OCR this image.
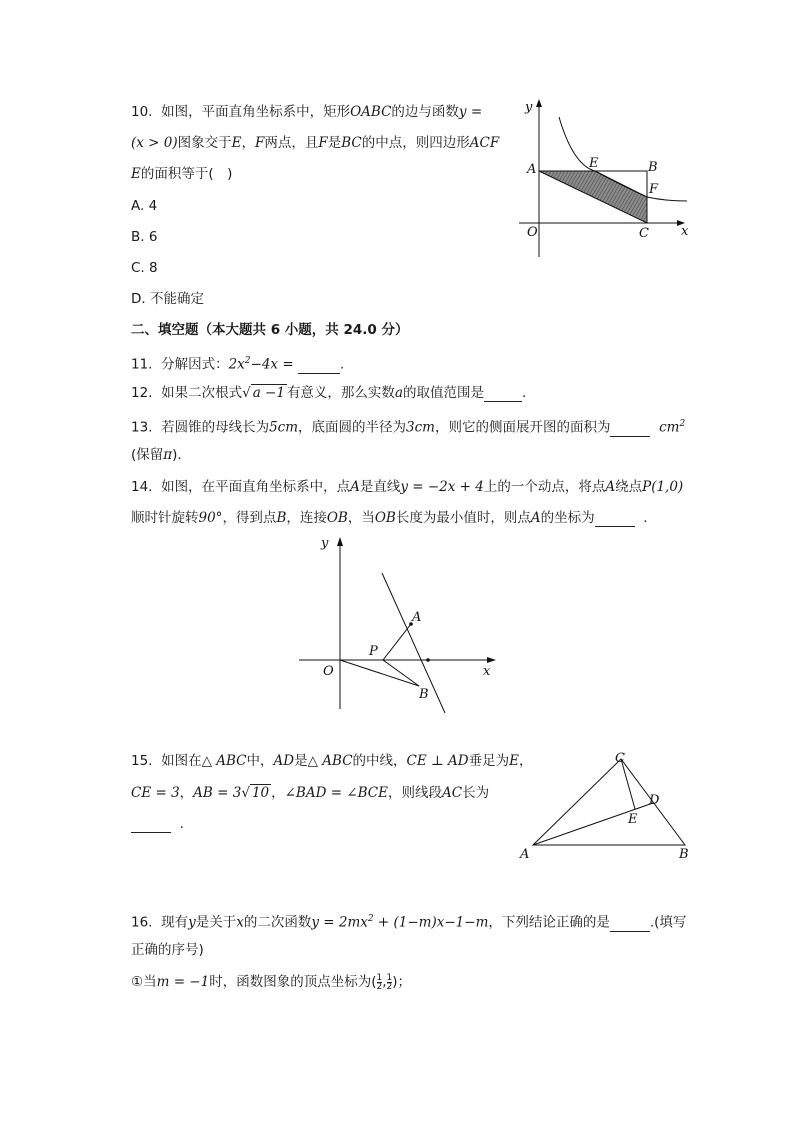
10. 如图，平面直角坐标系中，矩形OABC的边与函数y =
(x > 0)图象交于E，F两点，且F是BC的中点，则四边形ACF
E的面积等于(　)
A. 4
B. 6
C. 8
D. 不能确定
y
x
O
A	B
C
E
F
二、填空题（本大题共 6 小题，共 24.0 分）
11. 分解因式：$2x^2-4x$ =	.
12. 如果二次根式√ a −1 有意义，那么实数a的取值范围是	.
13. 若圆锥的母线长为5cm，底面圆的半径为3cm，则它的侧面展开图的面积为	$cm^2$
(保留π).
14. 如图，在平面直角坐标系中，点A是直线y = −2x + 4上的一个动点，将点A绕点P(1,0)
顺时针旋转90°，得到点B，连接OB，当OB长度为最小值时，则点A的坐标为	.
y
x
O
P
A
B
15. 如图在△ ABC中，AD是△ ABC的中线，CE ⊥ AD垂足为E，
CE = 3，AB = 3√ 10 ，∠BAD = ∠BCE，则线段AC长为
.
A	B
C
D
E
16. 现有y是关于x的二次函数$y = 2mx^2 + (1-m)x-1-m$，下列结论正确的是	.(填写
正确的序号)
①当m = −1时，函数图象的顶点坐标为( $\frac{1}{2}$ , $\frac{1}{2}$ )；
